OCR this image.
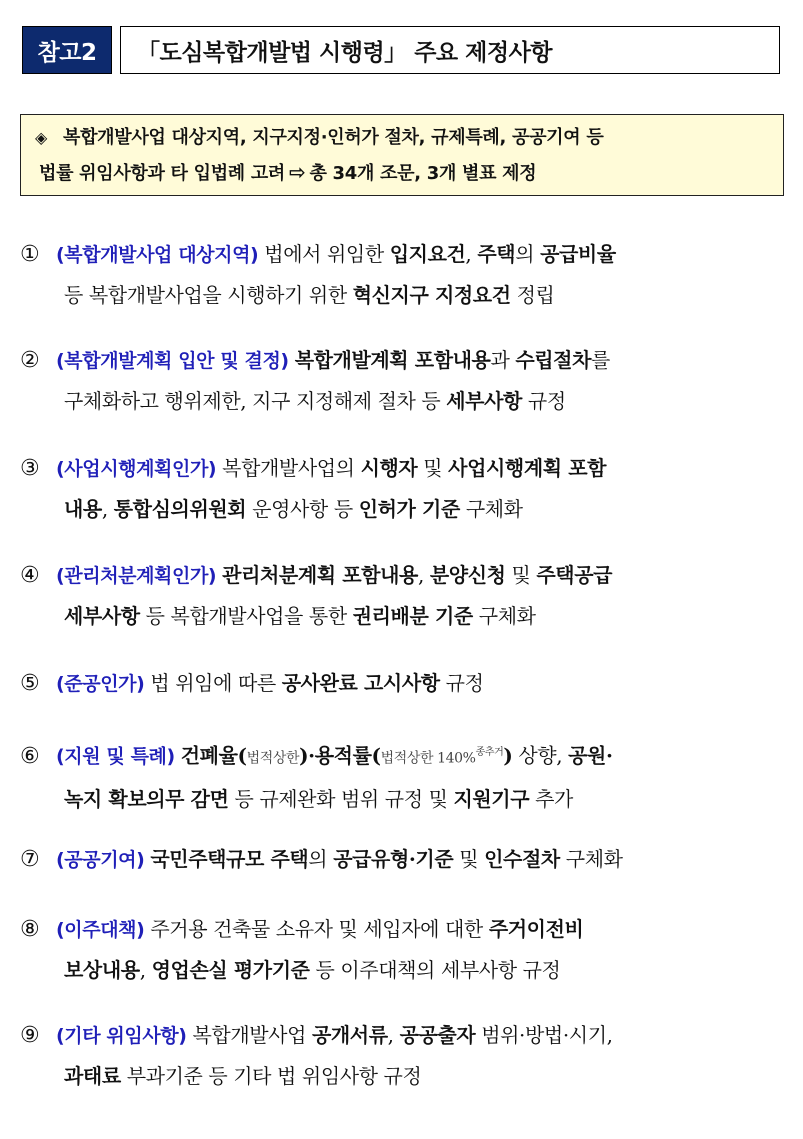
참고2	「도심복합개발법 시행령」 주요 제정사항
◈ 복합개발사업 대상지역, 지구지정·인허가 절차, 규제특례, 공공기여 등
법률 위임사항과 타 입법례 고려 ⇨ 총 34개 조문, 3개 별표 제정
① (복합개발사업 대상지역) 법에서 위임한 입지요건, 주택의 공급비율
등 복합개발사업을 시행하기 위한 혁신지구 지정요건 정립
② (복합개발계획 입안 및 결정) 복합개발계획 포함내용과 수립절차를
구체화하고 행위제한, 지구 지정해제 절차 등 세부사항 규정
③ (사업시행계획인가) 복합개발사업의 시행자 및 사업시행계획 포함
내용, 통합심의위원회 운영사항 등 인허가 기준 구체화
④ (관리처분계획인가) 관리처분계획 포함내용, 분양신청 및 주택공급
세부사항 등 복합개발사업을 통한 권리배분 기준 구체화
⑤ (준공인가) 법 위임에 따른 공사완료 고시사항 규정
⑥ (지원 및 특례) 건폐율(법적상한)·용적률(법적상한 140%$^{종추거}$) 상향, 공원·
녹지 확보의무 감면 등 규제완화 범위 규정 및 지원기구 추가
⑦ (공공기여) 국민주택규모 주택의 공급유형·기준 및 인수절차 구체화
⑧ (이주대책) 주거용 건축물 소유자 및 세입자에 대한 주거이전비
보상내용, 영업손실 평가기준 등 이주대책의 세부사항 규정
⑨ (기타 위임사항) 복합개발사업 공개서류, 공공출자 범위·방법·시기,
과태료 부과기준 등 기타 법 위임사항 규정
